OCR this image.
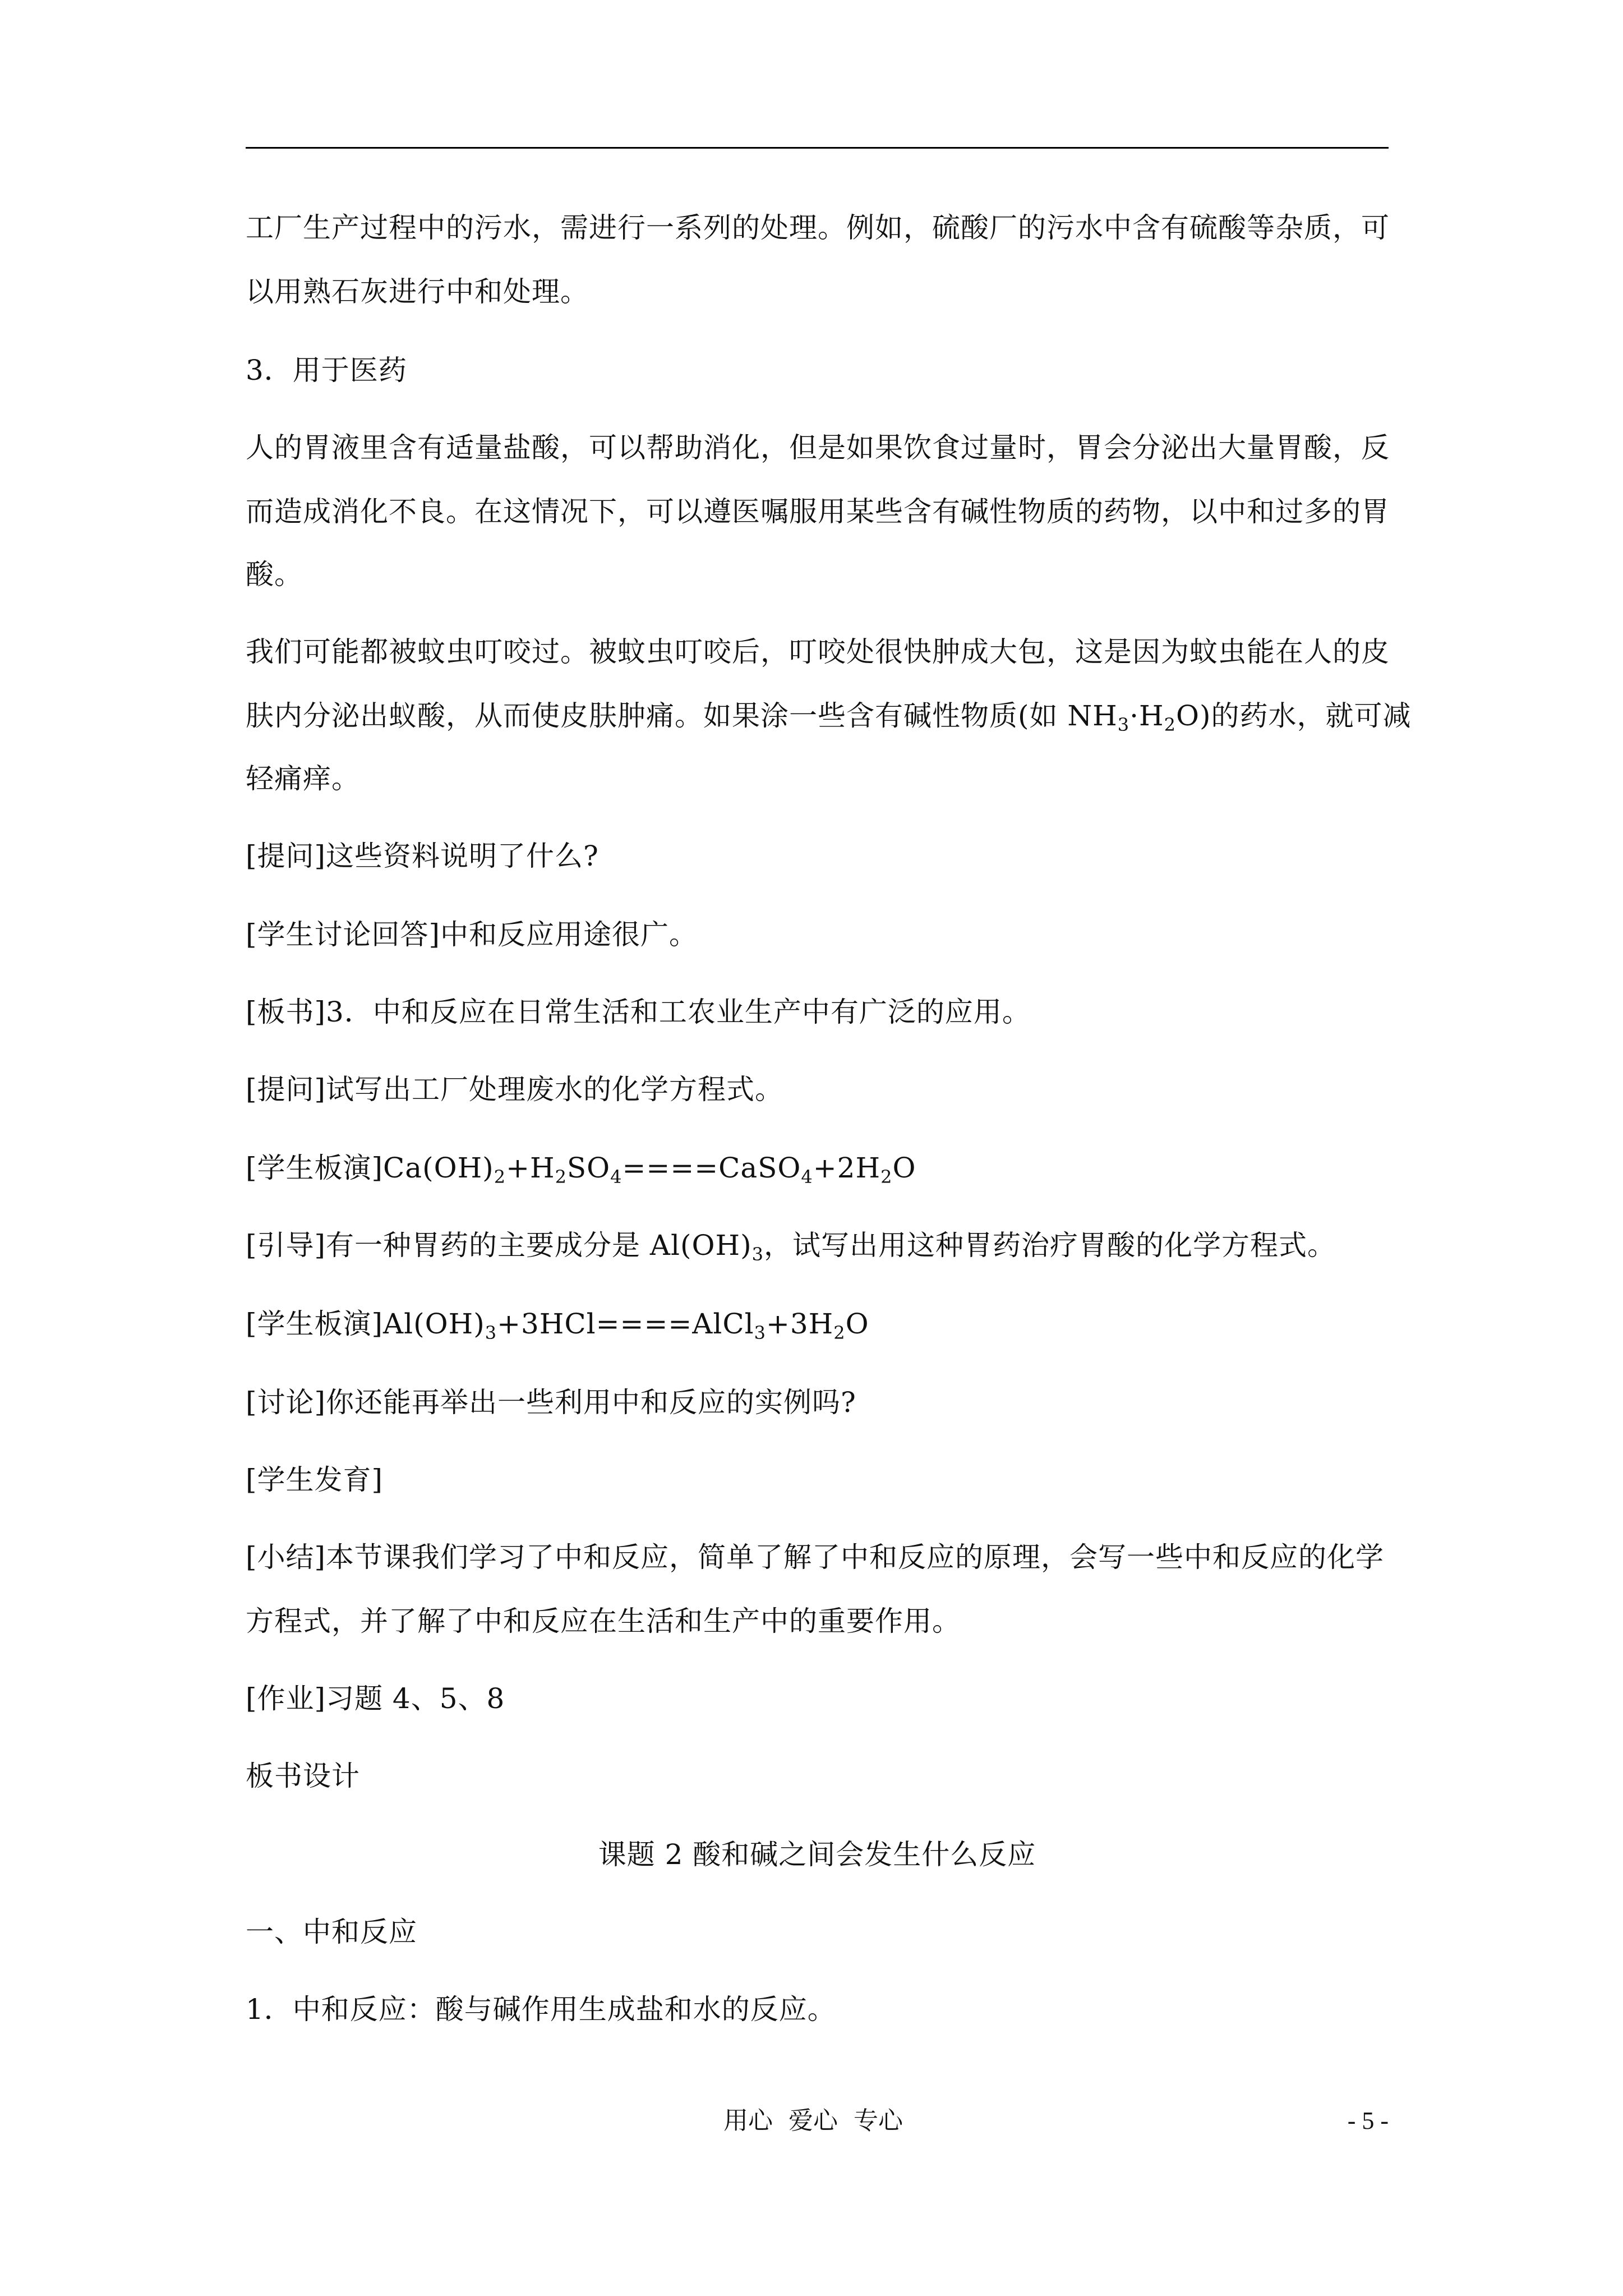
工厂生产过程中的污水，需进行一系列的处理。例如，硫酸厂的污水中含有硫酸等杂质，可
以用熟石灰进行中和处理。
3．用于医药
人的胃液里含有适量盐酸，可以帮助消化，但是如果饮食过量时，胃会分泌出大量胃酸，反
而造成消化不良。在这情况下，可以遵医嘱服用某些含有碱性物质的药物，以中和过多的胃
酸。
我们可能都被蚊虫叮咬过。被蚊虫叮咬后，叮咬处很快肿成大包，这是因为蚊虫能在人的皮
肤内分泌出蚁酸，从而使皮肤肿痛。如果涂一些含有碱性物质(如 $NH_3\cdot H_2O$)的药水，就可减
轻痛痒。
[提问]这些资料说明了什么?
[学生讨论回答]中和反应用途很广。
[板书]3．中和反应在日常生活和工农业生产中有广泛的应用。
[提问]试写出工厂处理废水的化学方程式。
[学生板演]$Ca(OH)_2+H_2SO_4====CaSO_4+2H_2O$
[引导]有一种胃药的主要成分是 $Al(OH)_3$，试写出用这种胃药治疗胃酸的化学方程式。
[学生板演]$Al(OH)_3+3HCl====AlCl_3+3H_2O$
[讨论]你还能再举出一些利用中和反应的实例吗?
[学生发育]
[小结]本节课我们学习了中和反应，简单了解了中和反应的原理，会写一些中和反应的化学
方程式，并了解了中和反应在生活和生产中的重要作用。
[作业]习题 4、5、8
板书设计
课题 2 酸和碱之间会发生什么反应
一、中和反应
1．中和反应：酸与碱作用生成盐和水的反应。
用心  爱心  专心	- 5 -
